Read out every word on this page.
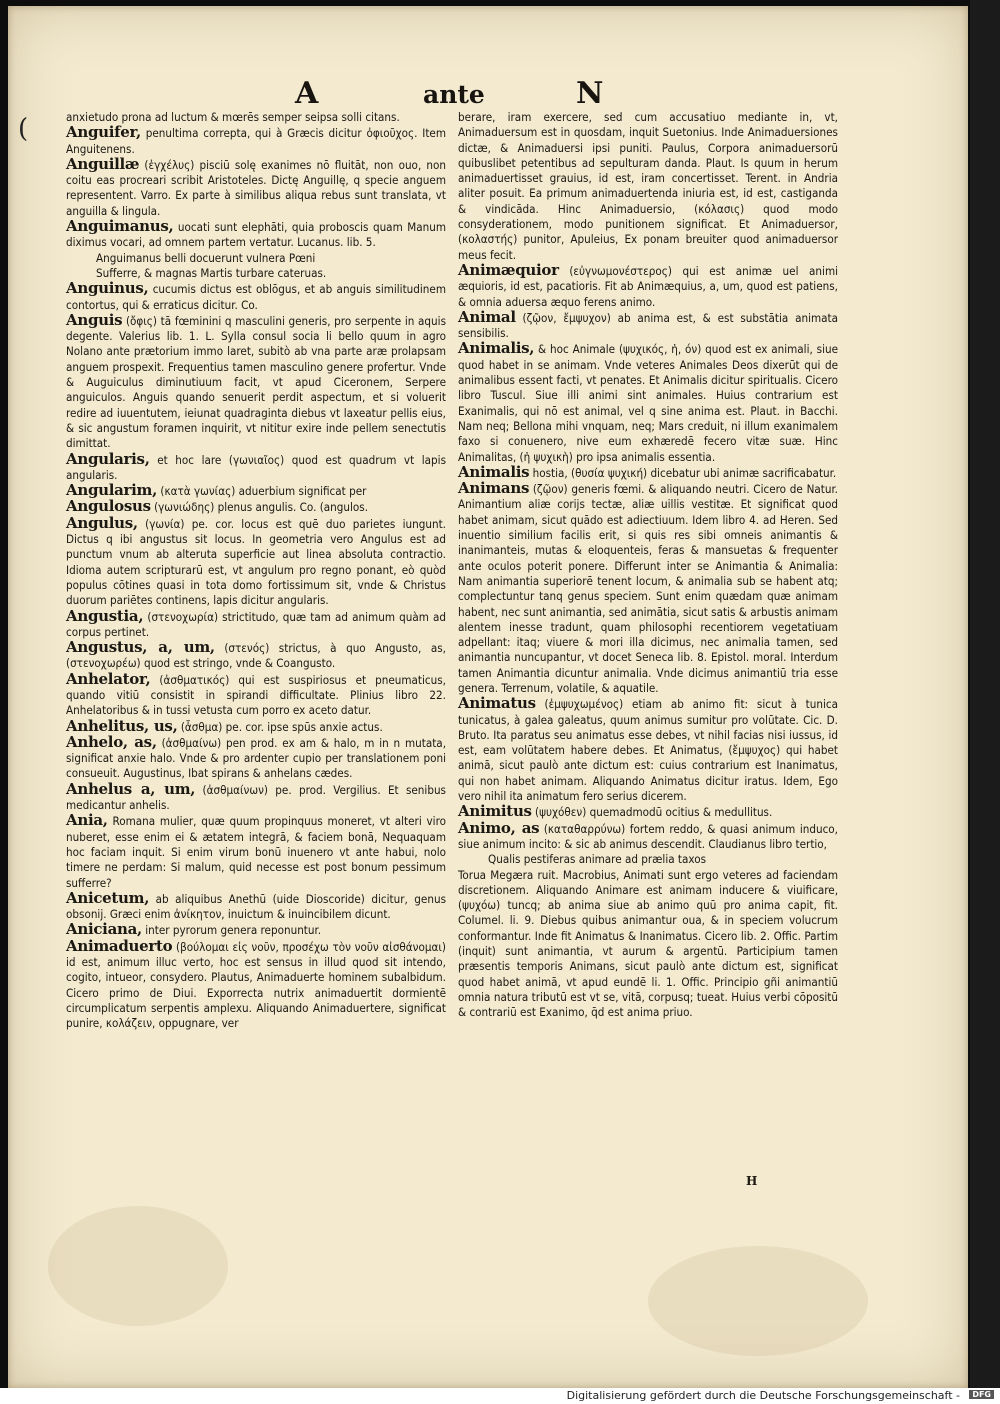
A	ante	N
(	anxietudo prona ad luctum & mœrēs semper seipsa solli citans.

Anguifer, penultima correpta, qui à Græcis dicitur ὀφιοῦχος. Item Anguitenens.

Anguillæ (ἐγχέλυς) pisciū solę exanimes nō fluitāt, non ouo, non coitu eas procreari scribit Aristoteles. Dictę Anguillę, q specie anguem representent. Varro. Ex parte à similibus aliqua rebus sunt translata, vt anguilla & lingula.

Anguimanus, uocati sunt elephāti, quia proboscis quam Manum diximus vocari, ad omnem partem vertatur. Lucanus. lib. 5.

Anguimanus belli docuerunt vulnera Pœni

Sufferre, & magnas Martis turbare cateruas.

Anguinus, cucumis dictus est oblōgus, et ab anguis similitudinem contortus, qui & erraticus dicitur. Co.

Anguis (ὄφις) tā fœminini q masculini generis, pro serpente in aquis degente. Valerius lib. 1. L. Sylla consul socia li bello quum in agro Nolano ante prætorium immo laret, subitò ab vna parte aræ prolapsam anguem prospexit. Frequentius tamen masculino genere profertur. Vnde & Auguiculus diminutiuum facit, vt apud Ciceronem, Serpere anguiculos. Anguis quando senuerit perdit aspectum, et si voluerit redire ad iuuentutem, ieiunat quadraginta diebus vt laxeatur pellis eius, & sic angustum foramen inquirit, vt nititur exire inde pellem senectutis dimittat.

Angularis, et hoc lare (γωνιαῖος) quod est quadrum vt lapis angularis.

Angularim, (κατὰ γωνίας) aduerbium significat per

Angulosus (γωνιώδης) plenus angulis. Co. (angulos.

Angulus, (γωνία) pe. cor. locus est quē duo parietes iungunt. Dictus q ibi angustus sit locus. In geometria vero Angulus est ad punctum vnum ab alteruta superficie aut linea absoluta contractio. Idioma autem scripturarū est, vt angulum pro regno ponant, eò quòd populus cōtines quasi in tota domo fortissimum sit, vnde & Christus duorum pariētes continens, lapis dicitur angularis.

Angustia, (στενοχωρία) strictitudo, quæ tam ad animum quàm ad corpus pertinet.

Angustus, a, um, (στενός) strictus, à quo Angusto, as, (στενοχωρέω) quod est stringo, vnde & Coangusto.

Anhelator, (ἀσθματικός) qui est suspiriosus et pneumaticus, quando vitiū consistit in spirandi difficultate. Plinius libro 22. Anhelatoribus & in tussi vetusta cum porro ex aceto datur.

Anhelitus, us, (ἆσθμα) pe. cor. ipse spūs anxie actus.

Anhelo, as, (ἀσθμαίνω) pen prod. ex am & halo, m in n mutata, significat anxie halo. Vnde & pro ardenter cupio per translationem poni consueuit. Augustinus, Ibat spirans & anhelans cædes.

Anhelus a, um, (ἀσθμαίνων) pe. prod. Vergilius. Et senibus medicantur anhelis.

Ania, Romana mulier, quæ quum propinquus moneret, vt alteri viro nuberet, esse enim ei & ætatem integrā, & faciem bonā, Nequaquam hoc faciam inquit. Si enim virum bonū inuenero vt ante habui, nolo timere ne perdam: Si malum, quid necesse est post bonum pessimum sufferre?

Anicetum, ab aliquibus Anethū (uide Dioscoride) dicitur, genus obsonij. Græci enim ἀνίκητον, inuictum & inuincibilem dicunt.

Aniciana, inter pyrorum genera reponuntur.

Animaduerto (βούλομαι εἰς νοῦν, προσέχω τὸν νοῦν αἰσθάνομαι) id est, animum illuc verto, hoc est sensus in illud quod sit intendo, cogito, intueor, consydero. Plautus, Animaduerte hominem subalbidum. Cicero primo de Diui. Exporrecta nutrix animaduertit dormientē circumplicatum serpentis amplexu. Aliquando Animaduertere, significat punire, κολάζειν, oppugnare, ver

berare, iram exercere, sed cum accusatiuo mediante in, vt, Animaduersum est in quosdam, inquit Suetonius. Inde Animaduersiones dictæ, & Animaduersi ipsi puniti. Paulus, Corpora animaduersorū quibuslibet petentibus ad sepulturam danda. Plaut. Is quum in herum animaduertisset grauius, id est, iram concertisset. Terent. in Andria aliter posuit. Ea primum animaduertenda iniuria est, id est, castiganda & vindicāda. Hinc Animaduersio, (κόλασις) quod modo consyderationem, modo punitionem significat. Et Animaduersor, (κολαστής) punitor, Apuleius, Ex ponam breuiter quod animaduersor meus fecit.

Animæquior (εὐγνωμονέστερος) qui est animæ uel animi æquioris, id est, pacatioris. Fit ab Animæquius, a, um, quod est patiens, & omnia aduersa æquo ferens animo.

Animal (ζῷον, ἔμψυχον) ab anima est, & est substātia animata sensibilis.

Animalis, & hoc Animale (ψυχικός, ἡ, όν) quod est ex animali, siue quod habet in se animam. Vnde veteres Animales Deos dixerūt qui de animalibus essent facti, vt penates. Et Animalis dicitur spiritualis. Cicero libro Tuscul. Siue illi animi sint animales. Huius contrarium est Exanimalis, qui nō est animal, vel q sine anima est. Plaut. in Bacchi. Nam neq; Bellona mihi vnquam, neq; Mars creduit, ni illum exanimalem faxo si conuenero, nive eum exhæredē fecero vitæ suæ. Hinc Animalitas, (ἡ ψυχικὴ) pro ipsa animalis essentia.

Animalis hostia, (θυσία ψυχική) dicebatur ubi animæ sacrificabatur.

Animans (ζῷον) generis fœmi. & aliquando neutri. Cicero de Natur. Animantium aliæ corijs tectæ, aliæ uillis vestitæ. Et significat quod habet animam, sicut quādo est adiectiuum. Idem libro 4. ad Heren. Sed inuentio similium facilis erit, si quis res sibi omneis animantis & inanimanteis, mutas & eloquenteis, feras & mansuetas & frequenter ante oculos poterit ponere. Differunt inter se Animantia & Animalia: Nam animantia superiorē tenent locum, & animalia sub se habent atq; complectuntur tanq genus speciem. Sunt enim quædam quæ animam habent, nec sunt animantia, sed animātia, sicut satis & arbustis animam alentem inesse tradunt, quam philosophi recentiorem vegetatiuam adpellant: itaq; viuere & mori illa dicimus, nec animalia tamen, sed animantia nuncupantur, vt docet Seneca lib. 8. Epistol. moral. Interdum tamen Animantia dicuntur animalia. Vnde dicimus animantiū tria esse genera. Terrenum, volatile, & aquatile.

Animatus (ἐμψυχωμένος) etiam ab animo fit: sicut à tunica tunicatus, à galea galeatus, quum animus sumitur pro volūtate. Cic. D. Bruto. Ita paratus seu animatus esse debes, vt nihil facias nisi iussus, id est, eam volūtatem habere debes. Et Animatus, (ἔμψυχος) qui habet animā, sicut paulò ante dictum est: cuius contrarium est Inanimatus, qui non habet animam. Aliquando Animatus dicitur iratus. Idem, Ego vero nihil ita animatum fero serius dicerem.

Animitus (ψυχόθεν) quemadmodū ocitius & medullitus.

Animo, as (καταθαρρύνω) fortem reddo, & quasi animum induco, siue animum incito: & sic ab animus descendit. Claudianus libro tertio,

Qualis pestiferas animare ad prælia taxos

Torua Megæra ruit. Macrobius, Animati sunt ergo veteres ad faciendam discretionem. Aliquando Animare est animam inducere & viuificare, (ψυχόω) tuncq; ab anima siue ab animo quū pro anima capit, fit. Columel. li. 9. Diebus quibus animantur oua, & in speciem volucrum conformantur. Inde fit Animatus & Inanimatus. Cicero lib. 2. Offic. Partim (inquit) sunt animantia, vt aurum & argentū. Participium tamen præsentis temporis Animans, sicut paulò ante dictum est, significat quod habet animā, vt apud eundē li. 1. Offic. Principio gñi animantiū omnia natura tributū est vt se, vitā, corpusq; tueat. Huius verbi cōpositū & contrariū est Exanimo, q̄d est anima priuo.

H
Digitalisierung gefördert durch die Deutsche Forschungsgemeinschaft -	DFG
